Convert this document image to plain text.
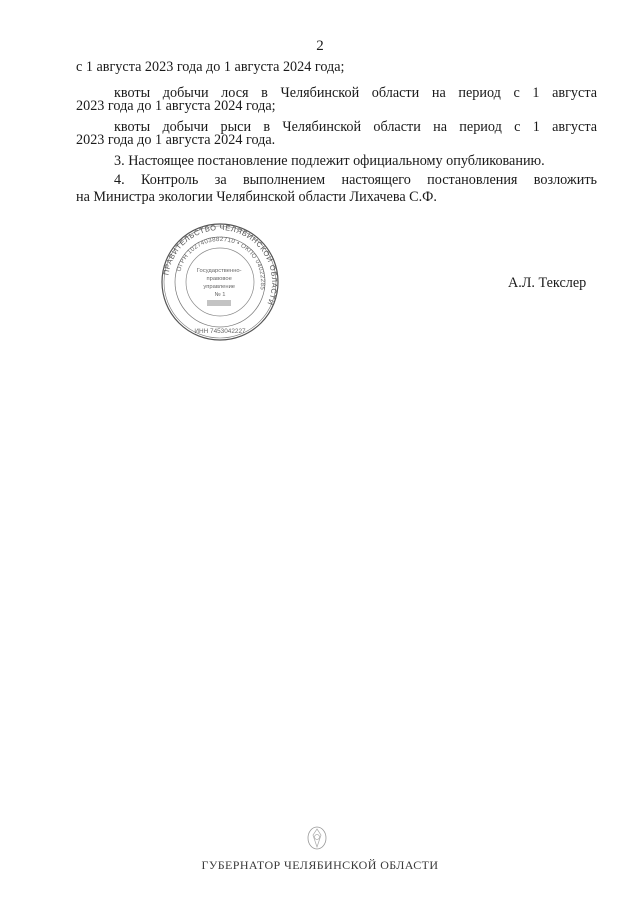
2
с 1 августа 2023 года до 1 августа 2024 года;
квоты добычи лося в Челябинской области на период с 1 августа
2023 года до 1 августа 2024 года;
квоты добычи рыси в Челябинской области на период с 1 августа
2023 года до 1 августа 2024 года.
3. Настоящее постановление подлежит официальному опубликованию.
4. Контроль за выполнением настоящего постановления возложить
на Министра экологии Челябинской области Лихачева С.Ф.
ПРАВИТЕЛЬСТВО ЧЕЛЯБИНСКОЙ ОБЛАСТИ
ОГРН 1027403882710 • ОКПО 04022285
ИНН 7453042227
Государственно- правовое управление № 1
А.Л. Текслер
ГУБЕРНАТОР ЧЕЛЯБИНСКОЙ ОБЛАСТИ
